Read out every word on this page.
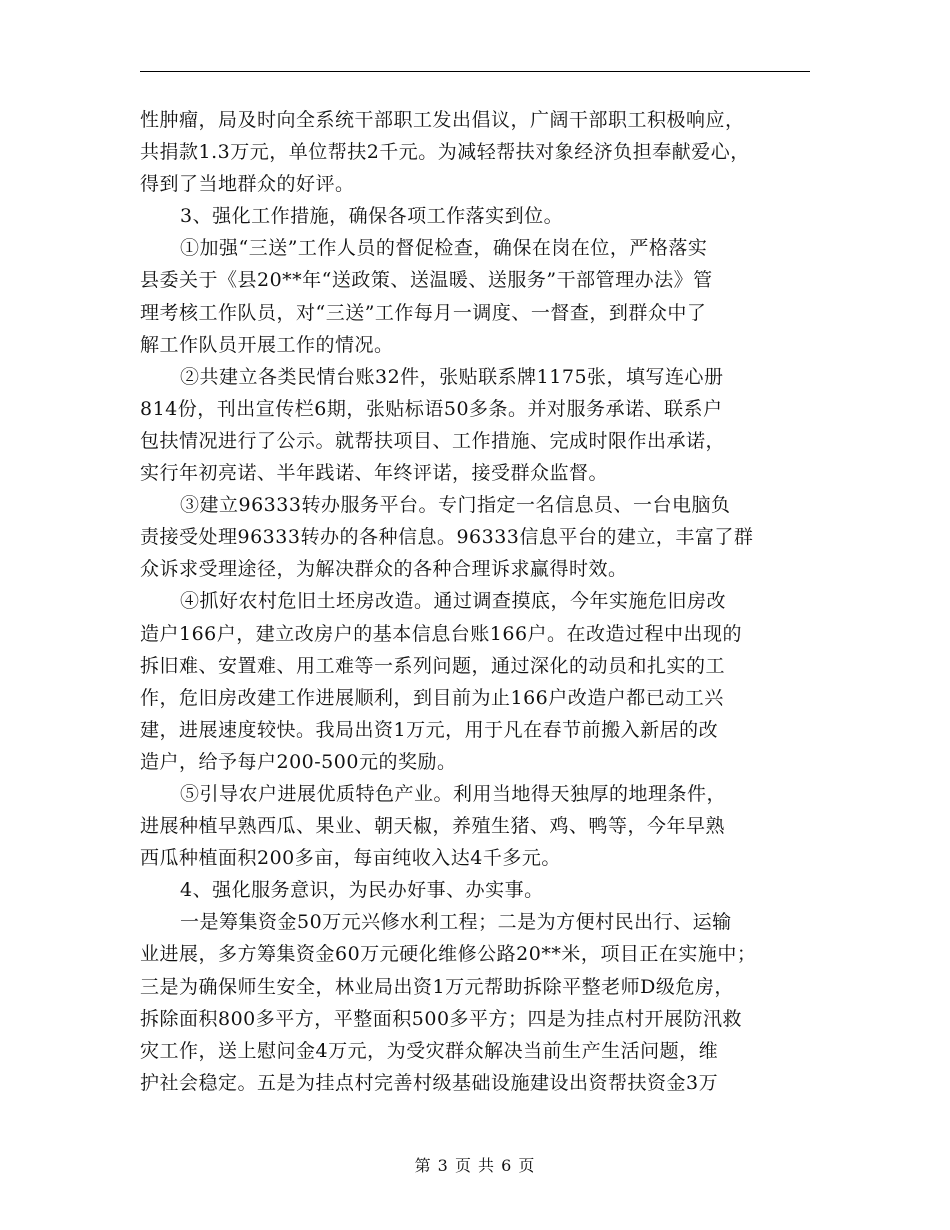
性肿瘤，局及时向全系统干部职工发出倡议，广阔干部职工积极响应，
共捐款1.3万元，单位帮扶2千元。为减轻帮扶对象经济负担奉献爱心，
得到了当地群众的好评。
3、强化工作措施，确保各项工作落实到位。
①加强“三送”工作人员的督促检查，确保在岗在位，严格落实
县委关于《县20**年“送政策、送温暖、送服务”干部管理办法》管
理考核工作队员，对“三送”工作每月一调度、一督查，到群众中了
解工作队员开展工作的情况。
②共建立各类民情台账32件，张贴联系牌1175张，填写连心册
814份，刊出宣传栏6期，张贴标语50多条。并对服务承诺、联系户
包扶情况进行了公示。就帮扶项目、工作措施、完成时限作出承诺，
实行年初亮诺、半年践诺、年终评诺，接受群众监督。
③建立96333转办服务平台。专门指定一名信息员、一台电脑负
责接受处理96333转办的各种信息。96333信息平台的建立，丰富了群
众诉求受理途径，为解决群众的各种合理诉求赢得时效。
④抓好农村危旧土坯房改造。通过调查摸底，今年实施危旧房改
造户166户，建立改房户的基本信息台账166户。在改造过程中出现的
拆旧难、安置难、用工难等一系列问题，通过深化的动员和扎实的工
作，危旧房改建工作进展顺利，到目前为止166户改造户都已动工兴
建，进展速度较快。我局出资1万元，用于凡在春节前搬入新居的改
造户，给予每户200-500元的奖励。
⑤引导农户进展优质特色产业。利用当地得天独厚的地理条件，
进展种植早熟西瓜、果业、朝天椒，养殖生猪、鸡、鸭等，今年早熟
西瓜种植面积200多亩，每亩纯收入达4千多元。
4、强化服务意识，为民办好事、办实事。
一是筹集资金50万元兴修水利工程；二是为方便村民出行、运输
业进展，多方筹集资金60万元硬化维修公路20**米，项目正在实施中；
三是为确保师生安全，林业局出资1万元帮助拆除平整老师D级危房，
拆除面积800多平方，平整面积500多平方；四是为挂点村开展防汛救
灾工作，送上慰问金4万元，为受灾群众解决当前生产生活问题，维
护社会稳定。五是为挂点村完善村级基础设施建设出资帮扶资金3万
第 3 页 共 6 页
